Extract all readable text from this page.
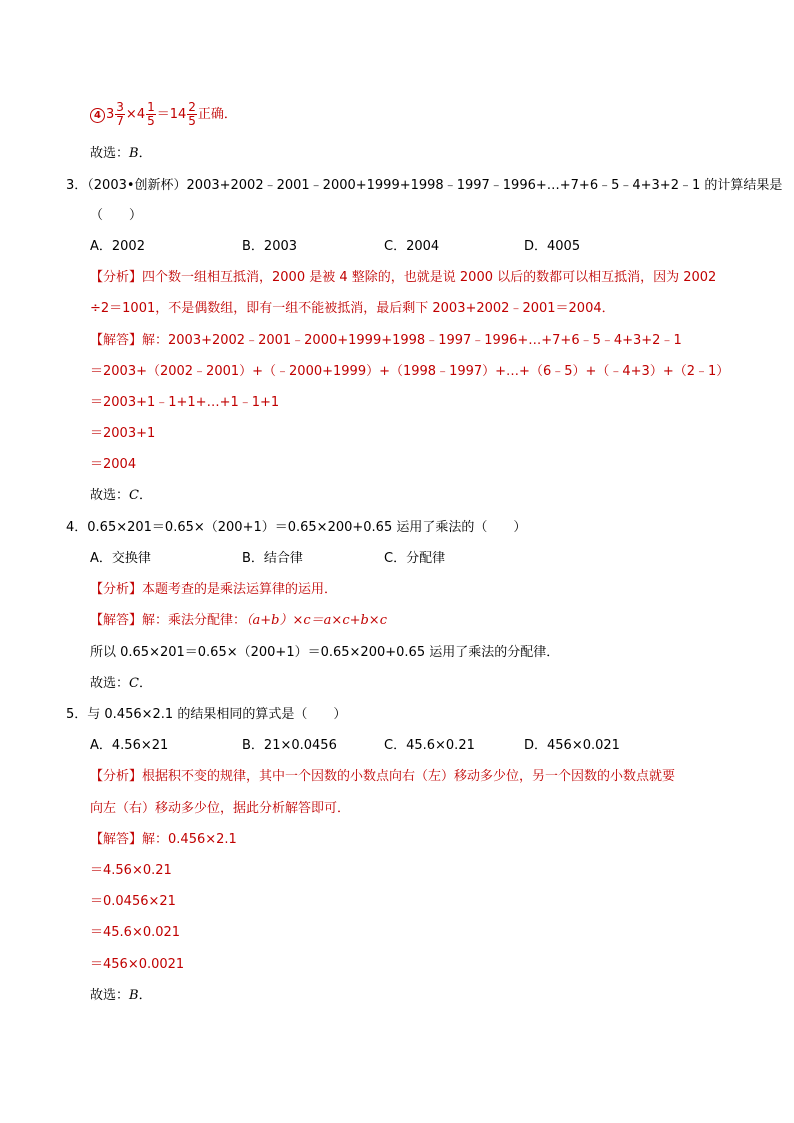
4 $3 \frac{3}{7} \times 4 \frac{1}{5} =14 \frac{2}{5}$ 正确．
故选：B．
3．（2003•创新杯）2003+2002﹣2001﹣2000+1999+1998﹣1997﹣1996+…+7+6﹣5﹣4+3+2﹣1 的计算结果是
（　　）
A．2002	B．2003	C．2004	D．4005
【分析】四个数一组相互抵消，2000 是被 4 整除的，也就是说 2000 以后的数都可以相互抵消，因为 2002
÷2＝1001，不是偶数组，即有一组不能被抵消，最后剩下 2003+2002﹣2001＝2004．
【解答】解：2003+2002﹣2001﹣2000+1999+1998﹣1997﹣1996+…+7+6﹣5﹣4+3+2﹣1
＝2003+（2002﹣2001）+（﹣2000+1999）+（1998﹣1997）+…+（6﹣5）+（﹣4+3）+（2﹣1）
＝2003+1﹣1+1+…+1﹣1+1
＝2003+1
＝2004
故选：C．
4．0.65×201＝0.65×（200+1）＝0.65×200+0.65 运用了乘法的（　　）
A．交换律	B．结合律	C．分配律
【分析】本题考查的是乘法运算律的运用．
【解答】解：乘法分配律：（a+b）×c＝a×c+b×c
所以 0.65×201＝0.65×（200+1）＝0.65×200+0.65 运用了乘法的分配律．
故选：C．
5．与 0.456×2.1 的结果相同的算式是（　　）
A．4.56×21	B．21×0.0456	C．45.6×0.21	D．456×0.021
【分析】根据积不变的规律，其中一个因数的小数点向右（左）移动多少位，另一个因数的小数点就要
向左（右）移动多少位，据此分析解答即可．
【解答】解：0.456×2.1
＝4.56×0.21
＝0.0456×21
＝45.6×0.021
＝456×0.0021
故选：B．
